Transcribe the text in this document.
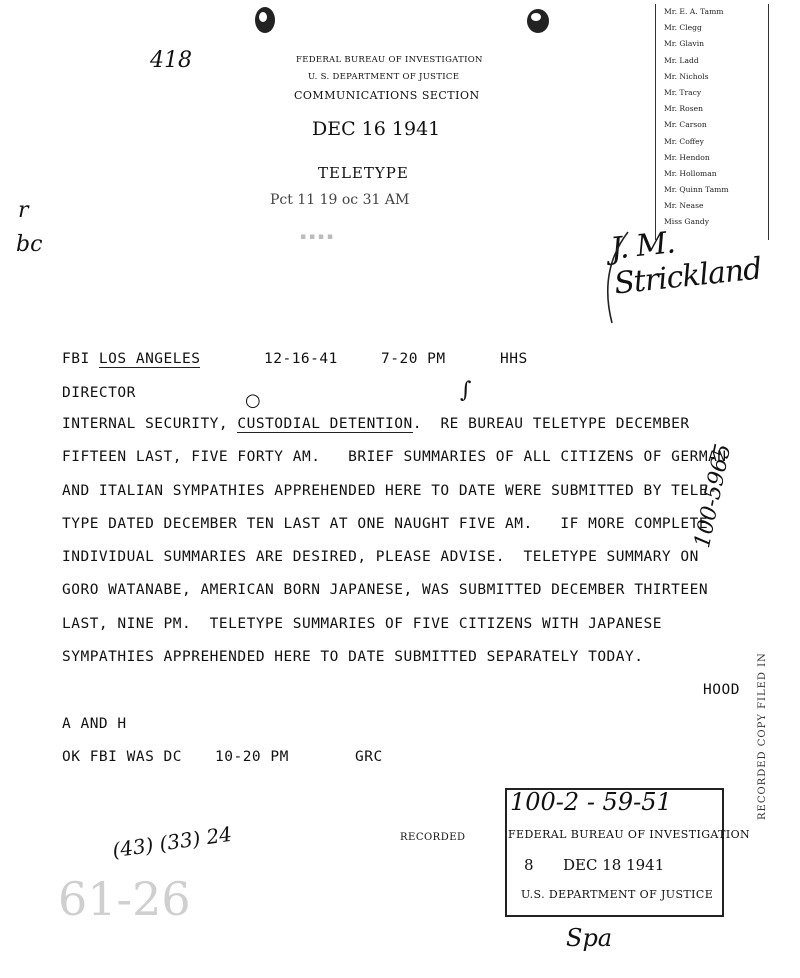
418	FEDERAL BUREAU OF INVESTIGATION
U. S. DEPARTMENT OF JUSTICE
COMMUNICATIONS SECTION
DEC 16 1941
TELETYPE
Pct 11 19 oc 31 AM
▪ ▪ ▪ ▪
r
bc
Mr. E. A. Tamm
Mr. Clegg
Mr. Glavin
Mr. Ladd
Mr. Nichols
Mr. Tracy
Mr. Rosen
Mr. Carson
Mr. Coffey
Mr. Hendon
Mr. Holloman
Mr. Quinn Tamm
Mr. Nease
Miss Gandy
J. M. Strickland
FBI LOS ANGELES	12-16-41	7-20 PM	HHS
DIRECTOR
INTERNAL SECURITY, CUSTODIAL DETENTION.  RE BUREAU TELETYPE DECEMBER
○	∫
FIFTEEN LAST, FIVE FORTY AM.   BRIEF SUMMARIES OF ALL CITIZENS OF GERMAN
AND ITALIAN SYMPATHIES APPREHENDED HERE TO DATE WERE SUBMITTED BY TELE-
TYPE DATED DECEMBER TEN LAST AT ONE NAUGHT FIVE AM.   IF MORE COMPLETE
INDIVIDUAL SUMMARIES ARE DESIRED, PLEASE ADVISE.  TELETYPE SUMMARY ON
GORO WATANABE, AMERICAN BORN JAPANESE, WAS SUBMITTED DECEMBER THIRTEEN
LAST, NINE PM.  TELETYPE SUMMARIES OF FIVE CITIZENS WITH JAPANESE
SYMPATHIES APPREHENDED HERE TO DATE SUBMITTED SEPARATELY TODAY.
HOOD
A AND H
OK FBI WAS DC 10-20 PM	GRC
100-5965
RECORDED COPY FILED IN
RECORDED
(43) (33) 24
61-26
100-2 - 59-51
FEDERAL BUREAU OF INVESTIGATION
8 DEC 18 1941
U.S. DEPARTMENT OF JUSTICE
Spa
